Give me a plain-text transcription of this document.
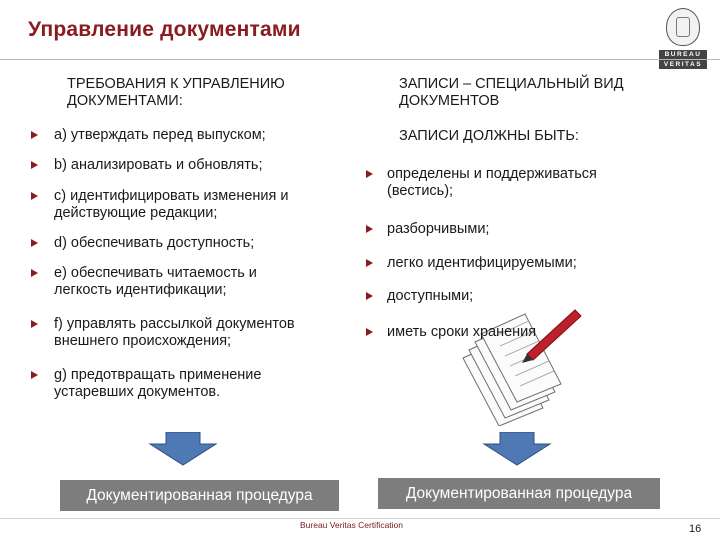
Управление документами
BUREAU
VERITAS
ТРЕБОВАНИЯ К УПРАВЛЕНИЮ
ДОКУМЕНТАМИ:
a) утверждать перед выпуском;
b) анализировать и обновлять;
c) идентифицировать изменения и
действующие редакции;
d) обеспечивать доступность;
e) обеспечивать читаемость и
легкость идентификации;
f) управлять рассылкой документов
внешнего происхождения;
g) предотвращать применение
устаревших документов.
ЗАПИСИ – СПЕЦИАЛЬНЫЙ ВИД
ДОКУМЕНТОВ
ЗАПИСИ ДОЛЖНЫ БЫТЬ:
определены и поддерживаться
(вестись);
разборчивыми;
легко идентифицируемыми;
доступными;
иметь сроки хранения
Документированная процедура	Документированная процедура
Bureau Veritas Certification	16
